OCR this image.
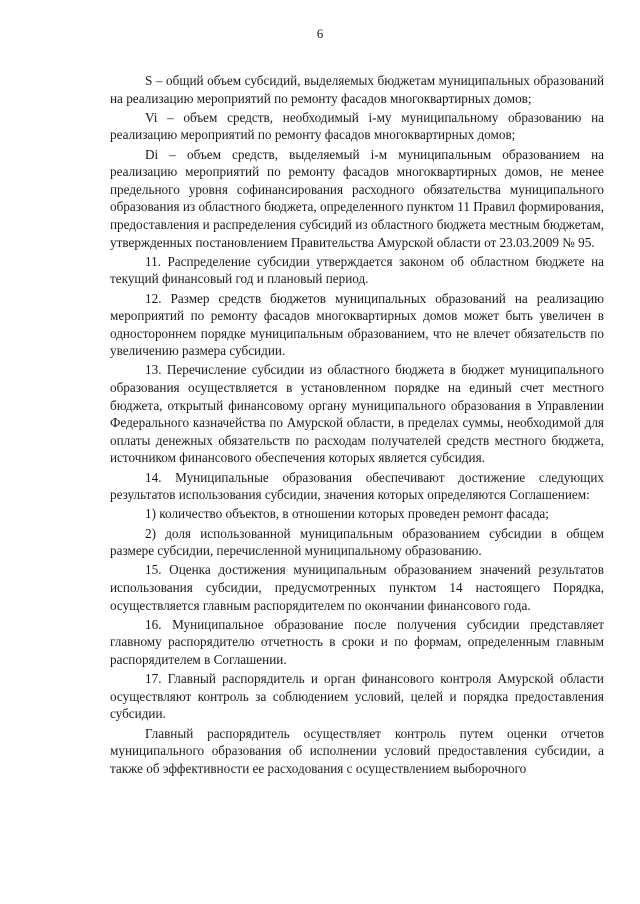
6

S – общий объем субсидий, выделяемых бюджетам муниципальных образований на реализацию мероприятий по ремонту фасадов многоквартирных домов;

Vi – объем средств, необходимый i-му муниципальному образованию на реализацию мероприятий по ремонту фасадов многоквартирных домов;

Di – объем средств, выделяемый i-м муниципальным образованием на реализацию мероприятий по ремонту фасадов многоквартирных домов, не менее предельного уровня софинансирования расходного обязательства муниципального образования из областного бюджета, определенного пунктом 11 Правил формирования, предоставления и распределения субсидий из областного бюджета местным бюджетам, утвержденных постановлением Правительства Амурской области от 23.03.2009 № 95.

11. Распределение субсидии утверждается законом об областном бюджете на текущий финансовый год и плановый период.

12. Размер средств бюджетов муниципальных образований на реализацию мероприятий по ремонту фасадов многоквартирных домов может быть увеличен в одностороннем порядке муниципальным образованием, что не влечет обязательств по увеличению размера субсидии.

13. Перечисление субсидии из областного бюджета в бюджет муниципального образования осуществляется в установленном порядке на единый счет местного бюджета, открытый финансовому органу муниципального образования в Управлении Федерального казначейства по Амурской области, в пределах суммы, необходимой для оплаты денежных обязательств по расходам получателей средств местного бюджета, источником финансового обеспечения которых является субсидия.

14. Муниципальные образования обеспечивают достижение следующих результатов использования субсидии, значения которых определяются Соглашением:

1) количество объектов, в отношении которых проведен ремонт фасада;

2) доля использованной муниципальным образованием субсидии в общем размере субсидии, перечисленной муниципальному образованию.

15. Оценка достижения муниципальным образованием значений результатов использования субсидии, предусмотренных пунктом 14 настоящего Порядка, осуществляется главным распорядителем по окончании финансового года.

16. Муниципальное образование после получения субсидии представляет главному распорядителю отчетность в сроки и по формам, определенным главным распорядителем в Соглашении.

17. Главный распорядитель и орган финансового контроля Амурской области осуществляют контроль за соблюдением условий, целей и порядка предоставления субсидии.

Главный распорядитель осуществляет контроль путем оценки отчетов муниципального образования об исполнении условий предоставления субсидии, а также об эффективности ее расходования с осуществлением выборочного
